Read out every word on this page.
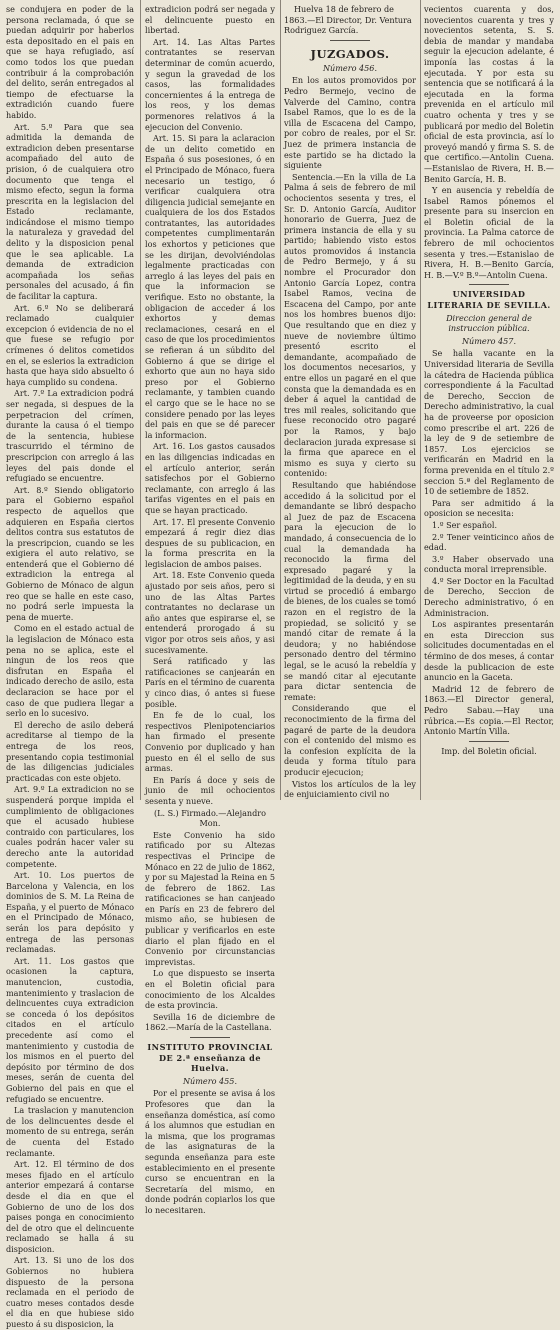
se condujera en poder de la persona reclamada, ó que se puedan adquirir por haberlos esta depositado en el pais en que se haya refugiado, así como todos los que puedan contribuir á la comprobación del delito, serán entregados al tiempo de efectuarse la extradición cuando fuere habido.

Art. 5.º Para que sea admitida la demanda de extradicion deben presentarse acompañado del auto de prision, ó de cualquiera otro documento que tenga el mismo efecto, segun la forma prescrita en la legislacion del Estado reclamante, indicándose el mismo tiempo la naturaleza y gravedad del delito y la disposicion penal que le sea aplicable. La demanda de extradicion acompañada los señas personales del acusado, á fin de facilitar la captura.

Art. 6.º No se deliberará reclamado cualquier excepcion ó evidencia de no el que fuese se refugio por crímenes ó delitos cometidos en el, se eslerios la extradicion hasta que haya sido absuelto ó haya cumplido su condena.

Art. 7.º La extradicion podrá ser negada, si despues de la perpetracion del crímen, durante la causa ó el tiempo de la sentencia, hubiese trascurrido el término de prescripcion con arreglo á las leyes del pais donde el refugiado se encuentre.

Art. 8.º Siendo obligatorio para el Gobierno español respecto de aquellos que adquieren en España ciertos delitos contra sus estatutos de la prescripcion, cuando se les exigiera el auto relativo, se entenderá que el Gobierno dé extradicion la entrega al Gobierno de Mónaco de algun reo que se halle en este caso, no podrá serle impuesta la pena de muerte.

Como en el estado actual de la legislacion de Mónaco esta pena no se aplica, este el ningun de los reos que disfrutan en España el indicado derecho de asilo, esta declaracion se hace por el caso de que pudiera llegar a serlo en lo sucesivo.

El derecho de asilo deberá acreditarse al tiempo de la entrega de los reos, presentando copia testimonial de las diligencias judiciales practicadas con este objeto.

Art. 9.º La extradicion no se suspenderá porque impida el cumplimiento de obligaciones que el acusado hubiese contraido con particulares, los cuales podrán hacer valer su derecho ante la autoridad competente.

Art. 10. Los puertos de Barcelona y Valencia, en los dominios de S. M. La Reina de España, y el puerto de Mónaco en el Principado de Mónaco, serán los para depósito y entrega de las personas reclamadas.

Art. 11. Los gastos que ocasionen la captura, manutencion, custodia, mantenimiento y traslacion de delincuentes cuya extradicion se conceda ó los depósitos citados en el artículo precedente así como el mantenimiento y custodia de los mismos en el puerto del depósito por término de dos meses, serán de cuenta del Gobierno del pais en que el refugiado se encuentre.

La traslacion y manutencion de los delincuentes desde el momento de su entrega, serán de cuenta del Estado reclamante.

Art. 12. El término de dos meses fijado en el artículo anterior empezará á contarse desde el dia en que el Gobierno de uno de los dos paises ponga en conocimiento del de otro que el delincuente reclamado se halla á su disposicion.

Art. 13. Si uno de los dos Gobiernos no hubiera dispuesto de la persona reclamada en el periodo de cuatro meses contados desde el dia en que hubiese sido puesto á su disposicion, la

extradicion podrá ser negada y el delincuente puesto en libertad.

Art. 14. Las Altas Partes contratantes se reservan determinar de común acuerdo, y segun la gravedad de los casos, las formalidades concernientes á la entrega de los reos, y los demas pormenores relativos á la ejecucion del Convenio.

Art. 15. Si para la aclaracion de un delito cometido en España ó sus posesiones, ó en el Principado de Mónaco, fuera necesario un testigo, ó verificar cualquiera otra diligencia judicial semejante en cualquiera de los dos Estados contratantes, las autoridades competentes cumplimentarán los exhortos y peticiones que se les dirijan, devolviéndolas legalmente practicadas con arreglo á las leyes del pais en que la informacion se verifique. Esto no obstante, la obligacion de acceder á los exhortos y demas reclamaciones, cesará en el caso de que los procedimientos se refieran á un súbdito del Gobierno á que se dirige el exhorto que aun no haya sido preso por el Gobierno reclamante, y tambien cuando el cargo que se le hace no se considere penado por las leyes del pais en que se dé parecer la informacion.

Art. 16. Los gastos causados en las diligencias indicadas en el artículo anterior, serán satisfechos por el Gobierno reclamante, con arreglo á las tarifas vigentes en el pais en que se hayan practicado.

Art. 17. El presente Convenio empezará á regir diez dias despues de su publicacion, en la forma prescrita en la legislacion de ambos paises.

Art. 18. Este Convenio queda ajustado por seis años, pero si uno de las Altas Partes contratantes no declarase un año antes que espirarse el, se entenderá prorogado á su vigor por otros seis años, y asi sucesivamente.

Será ratificado y las ratificaciones se canjearán en París en el término de cuarenta y cinco dias, ó antes si fuese posible.

En fe de lo cual, los respectivos Plenipotenciarios han firmado el presente Convenio por duplicado y han puesto en él el sello de sus armas.

En París á doce y seis de junio de mil ochocientos sesenta y nueve.

(L. S.) Firmado.—Alejandro Mon.

Este Convenio ha sido ratificado por su Altezas respectivas el Principe de Mónaco en 22 de julio de 1862, y por su Majestad la Reina en 5 de febrero de 1862. Las ratificaciones se han canjeado en París en 23 de febrero del mismo año, se hubiesen de publicar y verificarlos en este diario el plan fijado en el Convenio por circunstancias imprevistas.

Lo que dispuesto se inserta en el Boletin oficial para conocimiento de los Alcaldes de esta provincia.

Sevilla 16 de diciembre de 1862.—María de la Castellana.

INSTITUTO PROVINCIAL DE 2.ª enseñanza de Huelva.

Número 455.

Por el presente se avisa á los Profesores que dan la enseñanza doméstica, así como á los alumnos que estudian en la misma, que los programas de las asignaturas de la segunda enseñanza para este establecimiento en el presente curso se encuentran en la Secretaría del mismo, en donde podrán copiarlos los que lo necesitaren.

Huelva 18 de febrero de 1863.—El Director, Dr. Ventura Rodriguez García.

JUZGADOS.

Número 456.

En los autos promovidos por Pedro Bermejo, vecino de Valverde del Camino, contra Isabel Ramos, que lo es de la villa de Escacena del Campo, por cobro de reales, por el Sr. Juez de primera instancia de este partido se ha dictado la siguiente

Sentencia.—En la villa de La Palma á seis de febrero de mil ochocientos sesenta y tres, el Sr. D. Antonio García, Auditor honorario de Guerra, Juez de primera instancia de ella y su partido; habiendo visto estos autos promovidos á instancia de Pedro Bermejo, y á su nombre el Procurador don Antonio García Lopez, contra Isabel Ramos, vecina de Escacena del Campo, por ante nos los hombres buenos dijo: Que resultando que en diez y nueve de noviembre último presentó escrito el demandante, acompañado de los documentos necesarios, y entre ellos un pagaré en el que consta que la demandada es en deber á aquel la cantidad de tres mil reales, solicitando que fuese reconocido otro pagaré por la Ramos, y bajo declaracion jurada expresase si la firma que aparece en el mismo es suya y cierto su contenido:

Resultando que habiéndose accedido á la solicitud por el demandante se libró despacho al Juez de paz de Escacena para la ejecucion de lo mandado, á consecuencia de lo cual la demandada ha reconocido la firma del expresado pagaré y la legitimidad de la deuda, y en su virtud se procedió á embargo de bienes, de los cuales se tomó razon en el registro de la propiedad, se solicitó y se mandó citar de remate á la deudora; y no habiéndose personado dentro del término legal, se le acusó la rebeldía y se mandó citar al ejecutante para dictar sentencia de remate:

Considerando que el reconocimiento de la firma del pagaré de parte de la deudora con el contenido del mismo es la confesion explícita de la deuda y forma título para producir ejecucion;

Vistos los artículos de la ley de enjuiciamiento civil no

vecientos cuarenta y dos, novecientos cuarenta y tres y novecientos setenta, S. S. debia de mandar y mandaba seguir la ejecucion adelante, é imponía las costas á la ejecutada. Y por esta su sentencia que se notificará á la ejecutada en la forma prevenida en el artículo mil cuatro ochenta y tres y se publicará por medio del Boletin oficial de esta provincia, así lo proveyó mandó y firma S. S. de que certifico.—Antolin Cuena.—Estanislao de Rivera, H. B.—Benito García, H. B.

Y en ausencia y rebeldía de Isabel Ramos pónemos el presente para su insercion en el Boletin oficial de la provincia. La Palma catorce de febrero de mil ochocientos sesenta y tres.—Estanislao de Rivera, H. B.—Benito García, H. B.—V.º B.º—Antolin Cuena.

UNIVERSIDAD LITERARIA DE SEVILLA.

Direccion general de instruccion pública.

Número 457.

Se halla vacante en la Universidad literaria de Sevilla la cátedra de Hacienda pública correspondiente á la Facultad de Derecho, Seccion de Derecho administrativo, la cual ha de proveerse por oposicion como prescribe el art. 226 de la ley de 9 de setiembre de 1857. Los ejercicios se verificarán en Madrid en la forma prevenida en el título 2.º seccion 5.ª del Reglamento de 10 de setiembre de 1852.

Para ser admitido á la oposicion se necesita:

1.º Ser español.

2.º Tener veinticinco años de edad.

3.º Haber observado una conducta moral irreprensible.

4.º Ser Doctor en la Facultad de Derecho, Seccion de Derecho administrativo, ó en Administracion.

Los aspirantes presentarán en esta Direccion sus solicitudes documentadas en el término de dos meses, á contar desde la publicacion de este anuncio en la Gaceta.

Madrid 12 de febrero de 1863.—El Director general, Pedro Sabau.—Hay una rúbrica.—Es copia.—El Rector, Antonio Martín Villa.

Imp. del Boletin oficial.
